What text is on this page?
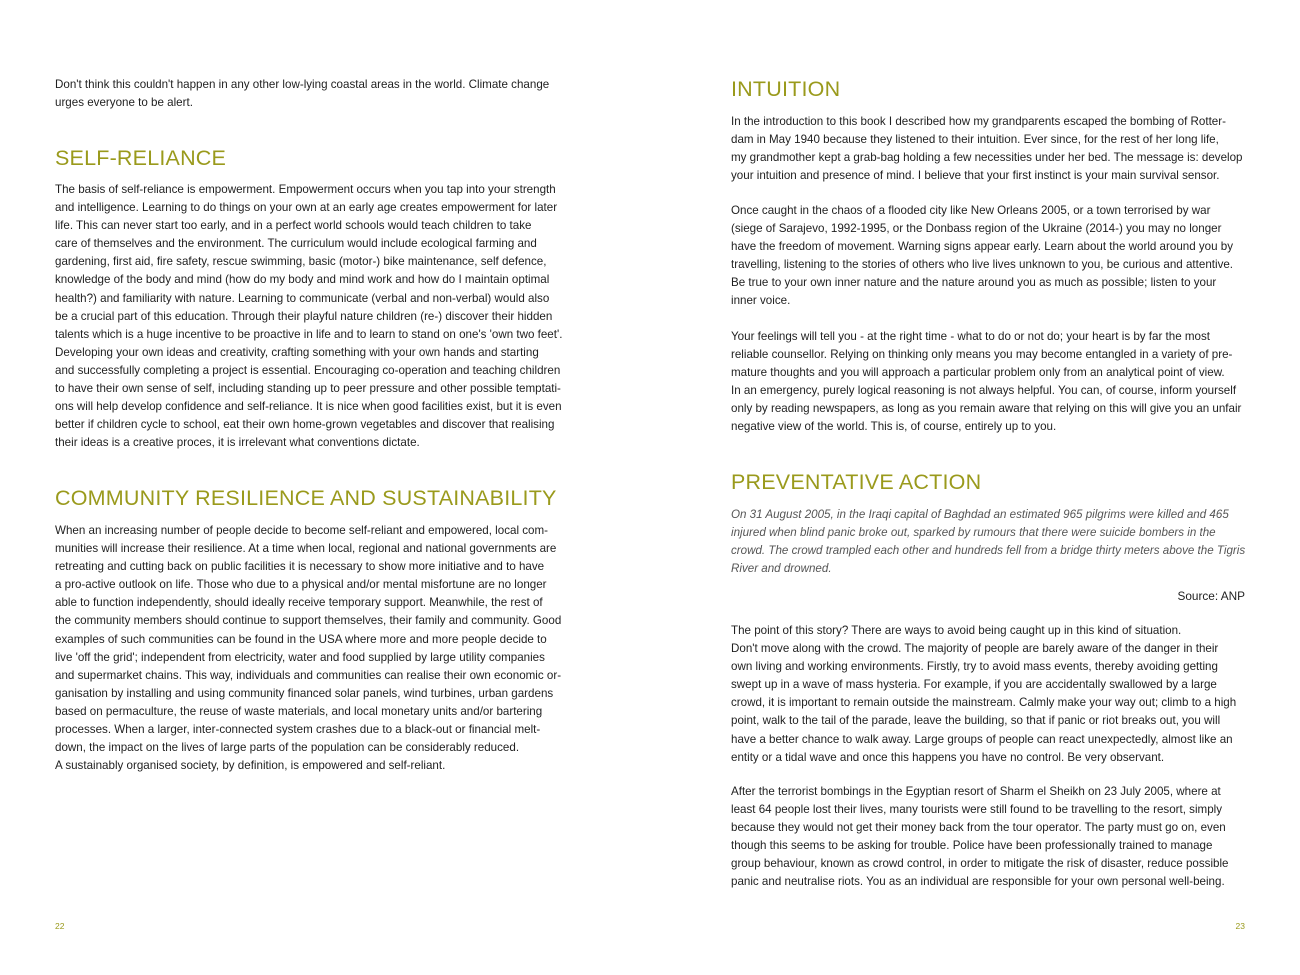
Don't think this couldn't happen in any other low-lying coastal areas in the world. Climate change
urges everyone to be alert.

SELF-RELIANCE

The basis of self-reliance is empowerment. Empowerment occurs when you tap into your strength
and intelligence. Learning to do things on your own at an early age creates empowerment for later
life. This can never start too early, and in a perfect world schools would teach children to take
care of themselves and the environment. The curriculum would include ecological farming and
gardening, first aid, fire safety, rescue swimming, basic (motor-) bike maintenance, self defence,
knowledge of the body and mind (how do my body and mind work and how do I maintain optimal
health?) and familiarity with nature. Learning to communicate (verbal and non-verbal) would also
be a crucial part of this education. Through their playful nature children (re-) discover their hidden
talents which is a huge incentive to be proactive in life and to learn to stand on one's 'own two feet'.
Developing your own ideas and creativity, crafting something with your own hands and starting
and successfully completing a project is essential. Encouraging co-operation and teaching children
to have their own sense of self, including standing up to peer pressure and other possible temptati-
ons will help develop confidence and self-reliance. It is nice when good facilities exist, but it is even
better if children cycle to school, eat their own home-grown vegetables and discover that realising
their ideas is a creative proces, it is irrelevant what conventions dictate.

COMMUNITY RESILIENCE AND SUSTAINABILITY

When an increasing number of people decide to become self-reliant and empowered, local com-
munities will increase their resilience. At a time when local, regional and national governments are
retreating and cutting back on public facilities it is necessary to show more initiative and to have
a pro-active outlook on life. Those who due to a physical and/or mental misfortune are no longer
able to function independently, should ideally receive temporary support. Meanwhile, the rest of
the community members should continue to support themselves, their family and community. Good
examples of such communities can be found in the USA where more and more people decide to
live 'off the grid'; independent from electricity, water and food supplied by large utility companies
and supermarket chains. This way, individuals and communities can realise their own economic or-
ganisation by installing and using community financed solar panels, wind turbines, urban gardens
based on permaculture, the reuse of waste materials, and local monetary units and/or bartering
processes. When a larger, inter-connected system crashes due to a black-out or financial melt-
down, the impact on the lives of large parts of the population can be considerably reduced.
A sustainably organised society, by definition, is empowered and self-reliant.

22
INTUITION

In the introduction to this book I described how my grandparents escaped the bombing of Rotter-
dam in May 1940 because they listened to their intuition. Ever since, for the rest of her long life,
my grandmother kept a grab-bag holding a few necessities under her bed. The message is: develop
your intuition and presence of mind. I believe that your first instinct is your main survival sensor.

Once caught in the chaos of a flooded city like New Orleans 2005, or a town terrorised by war
(siege of Sarajevo, 1992-1995, or the Donbass region of the Ukraine (2014-) you may no longer
have the freedom of movement. Warning signs appear early. Learn about the world around you by
travelling, listening to the stories of others who live lives unknown to you, be curious and attentive.
Be true to your own inner nature and the nature around you as much as possible; listen to your
inner voice.

Your feelings will tell you - at the right time - what to do or not do; your heart is by far the most
reliable counsellor. Relying on thinking only means you may become entangled in a variety of pre-
mature thoughts and you will approach a particular problem only from an analytical point of view.
In an emergency, purely logical reasoning is not always helpful. You can, of course, inform yourself
only by reading newspapers, as long as you remain aware that relying on this will give you an unfair
negative view of the world. This is, of course, entirely up to you.

PREVENTATIVE ACTION

On 31 August 2005, in the Iraqi capital of Baghdad an estimated 965 pilgrims were killed and 465
injured when blind panic broke out, sparked by rumours that there were suicide bombers in the
crowd. The crowd trampled each other and hundreds fell from a bridge thirty meters above the Tigris
River and drowned.

Source: ANP

The point of this story? There are ways to avoid being caught up in this kind of situation.
Don't move along with the crowd. The majority of people are barely aware of the danger in their
own living and working environments. Firstly, try to avoid mass events, thereby avoiding getting
swept up in a wave of mass hysteria. For example, if you are accidentally swallowed by a large
crowd, it is important to remain outside the mainstream. Calmly make your way out; climb to a high
point, walk to the tail of the parade, leave the building, so that if panic or riot breaks out, you will
have a better chance to walk away. Large groups of people can react unexpectedly, almost like an
entity or a tidal wave and once this happens you have no control. Be very observant.

After the terrorist bombings in the Egyptian resort of Sharm el Sheikh on 23 July 2005, where at
least 64 people lost their lives, many tourists were still found to be travelling to the resort, simply
because they would not get their money back from the tour operator. The party must go on, even
though this seems to be asking for trouble. Police have been professionally trained to manage
group behaviour, known as crowd control, in order to mitigate the risk of disaster, reduce possible
panic and neutralise riots. You as an individual are responsible for your own personal well-being.

23
